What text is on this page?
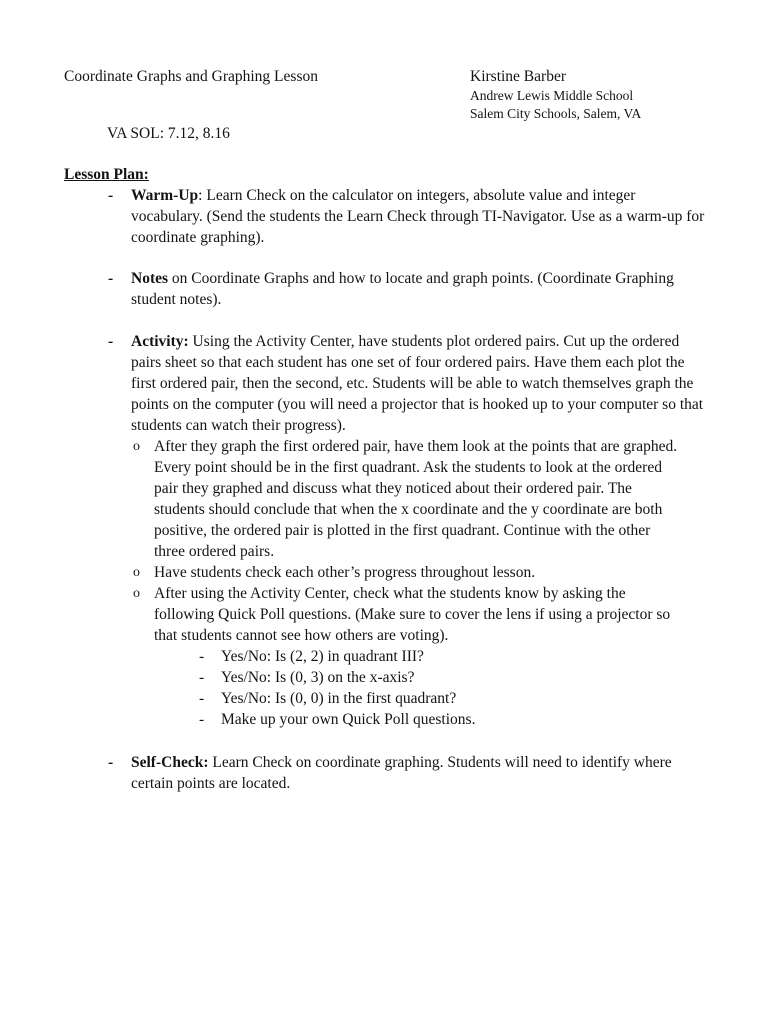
Coordinate Graphs and Graphing Lesson	Kirstine Barber
Andrew Lewis Middle School
Salem City Schools, Salem, VA
VA SOL: 7.12, 8.16
Lesson Plan:
-	Warm-Up: Learn Check on the calculator on integers, absolute value and integer vocabulary. (Send the students the Learn Check through TI-Navigator. Use as a warm-up for coordinate graphing).
-	Notes on Coordinate Graphs and how to locate and graph points. (Coordinate Graphing student notes).
-	Activity: Using the Activity Center, have students plot ordered pairs. Cut up the ordered pairs sheet so that each student has one set of four ordered pairs. Have them each plot the first ordered pair, then the second, etc. Students will be able to watch themselves graph the points on the computer (you will need a projector that is hooked up to your computer so that students can watch their progress).
o After they graph the first ordered pair, have them look at the points that are graphed. Every point should be in the first quadrant. Ask the students to look at the ordered pair they graphed and discuss what they noticed about their ordered pair. The students should conclude that when the x coordinate and the y coordinate are both positive, the ordered pair is plotted in the first quadrant. Continue with the other three ordered pairs.
o Have students check each other’s progress throughout lesson.
o After using the Activity Center, check what the students know by asking the following Quick Poll questions. (Make sure to cover the lens if using a projector so that students cannot see how others are voting).
- Yes/No: Is (2, 2) in quadrant III?
- Yes/No: Is (0, 3) on the x-axis?
- Yes/No: Is (0, 0) in the first quadrant?
- Make up your own Quick Poll questions.
-	Self-Check: Learn Check on coordinate graphing. Students will need to identify where certain points are located.
